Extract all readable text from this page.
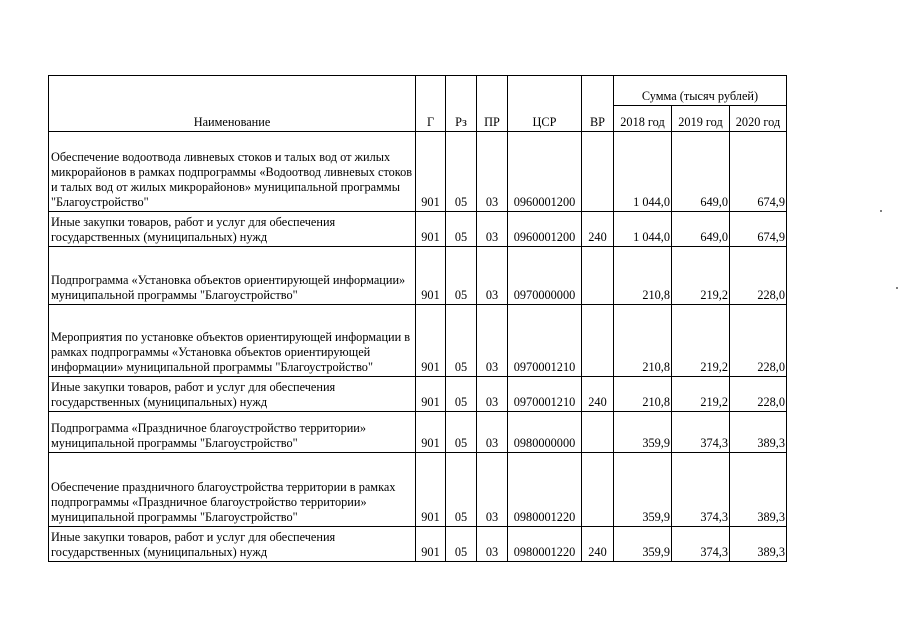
Наименование	Г	Рз	ПР	ЦСР	ВР	Сумма (тысяч рублей)		
						2018 год	2019 год	2020 год
Обеспечение водоотвода ливневых стоков и талых вод от жилых микрорайонов в рамках подпрограммы «Водоотвод ливневых стоков и талых вод от жилых микрорайонов» муниципальной программы "Благоустройство"	901	05	03	0960001200		1 044,0	649,0	674,9
Иные закупки товаров, работ и услуг для обеспечения государственных (муниципальных) нужд	901	05	03	0960001200	240	1 044,0	649,0	674,9
Подпрограмма «Установка объектов ориентирующей информации» муниципальной программы "Благоустройство"	901	05	03	0970000000		210,8	219,2	228,0
Мероприятия по установке объектов ориентирующей информации в рамках подпрограммы «Установка объектов ориентирующей информации» муниципальной программы "Благоустройство"	901	05	03	0970001210		210,8	219,2	228,0
Иные закупки товаров, работ и услуг для обеспечения государственных (муниципальных) нужд	901	05	03	0970001210	240	210,8	219,2	228,0
Подпрограмма «Праздничное благоустройство территории» муниципальной программы "Благоустройство"	901	05	03	0980000000		359,9	374,3	389,3
Обеспечение праздничного благоустройства территории в рамках подпрограммы «Праздничное благоустройство территории» муниципальной программы "Благоустройство"	901	05	03	0980001220		359,9	374,3	389,3
Иные закупки товаров, работ и услуг для обеспечения государственных (муниципальных) нужд	901	05	03	0980001220	240	359,9	374,3	389,3
